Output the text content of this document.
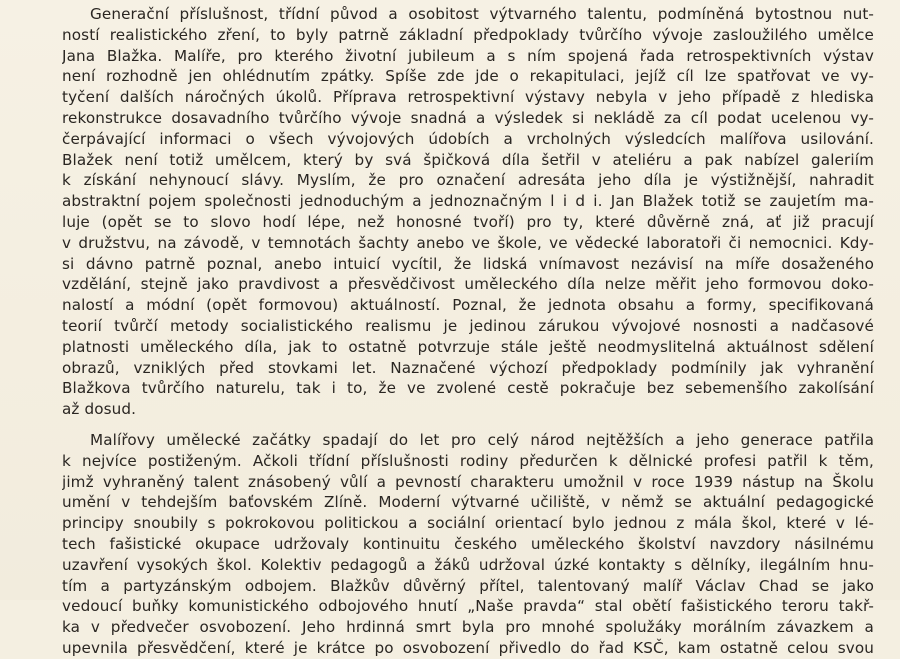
Generační příslušnost, třídní původ a osobitost výtvarného talentu, podmíněná bytostnou nut-
ností realistického zření, to byly patrně základní předpoklady tvůrčího vývoje zasloužilého umělce
Jana Blažka. Malíře, pro kterého životní jubileum a s ním spojená řada retrospektivních výstav
není rozhodně jen ohlédnutím zpátky. Spíše zde jde o rekapitulaci, jejíž cíl lze spatřovat ve vy-
tyčení dalších náročných úkolů. Příprava retrospektivní výstavy nebyla v jeho případě z hlediska
rekonstrukce dosavadního tvůrčího vývoje snadná a výsledek si nekládě za cíl podat ucelenou vy-
čerpávající informaci o všech vývojových údobích a vrcholných výsledcích malířova usilování.
Blažek není totiž umělcem, který by svá špičková díla šetřil v ateliéru a pak nabízel galeriím
k získání nehynoucí slávy. Myslím, že pro označení adresáta jeho díla je výstižnější, nahradit
abstraktní pojem společnosti jednoduchým a jednoznačným l i d i. Jan Blažek totiž se zaujetím ma-
luje (opět se to slovo hodí lépe, než honosné tvoří) pro ty, které důvěrně zná, ať již pracují
v družstvu, na závodě, v temnotách šachty anebo ve škole, ve vědecké laboratoři či nemocnici. Kdy-
si dávno patrně poznal, anebo intuicí vycítil, že lidská vnímavost nezávisí na míře dosaženého
vzdělání, stejně jako pravdivost a přesvědčivost uměleckého díla nelze měřit jeho formovou doko-
nalostí a módní (opět formovou) aktuálností. Poznal, že jednota obsahu a formy, specifikovaná
teorií tvůrčí metody socialistického realismu je jedinou zárukou vývojové nosnosti a nadčasové
platnosti uměleckého díla, jak to ostatně potvrzuje stále ještě neodmyslitelná aktuálnost sdělení
obrazů, vzniklých před stovkami let. Naznačené výchozí předpoklady podmínily jak vyhranění
Blažkova tvůrčího naturelu, tak i to, že ve zvolené cestě pokračuje bez sebemenšího zakolísání
až dosud.
Malířovy umělecké začátky spadají do let pro celý národ nejtěžších a jeho generace patřila
k nejvíce postiženým. Ačkoli třídní příslušnosti rodiny předurčen k dělnické profesi patřil k těm,
jimž vyhraněný talent znásobený vůlí a pevností charakteru umožnil v roce 1939 nástup na Školu
umění v tehdejším baťovském Zlíně. Moderní výtvarné učiliště, v němž se aktuální pedagogické
principy snoubily s pokrokovou politickou a sociální orientací bylo jednou z mála škol, které v lé-
tech fašistické okupace udržovaly kontinuitu českého uměleckého školství navzdory násilnému
uzavření vysokých škol. Kolektiv pedagogů a žáků udržoval úzké kontakty s dělníky, ilegálním hnu-
tím a partyzánským odbojem. Blažkův důvěrný přítel, talentovaný malíř Václav Chad se jako
vedoucí buňky komunistického odbojového hnutí „Naše pravda“ stal obětí fašistického teroru takř-
ka v předvečer osvobození. Jeho hrdinná smrt byla pro mnohé spolužáky morálním závazkem a
upevnila přesvědčení, které je krátce po osvobození přivedlo do řad KSČ, kam ostatně celou svou
